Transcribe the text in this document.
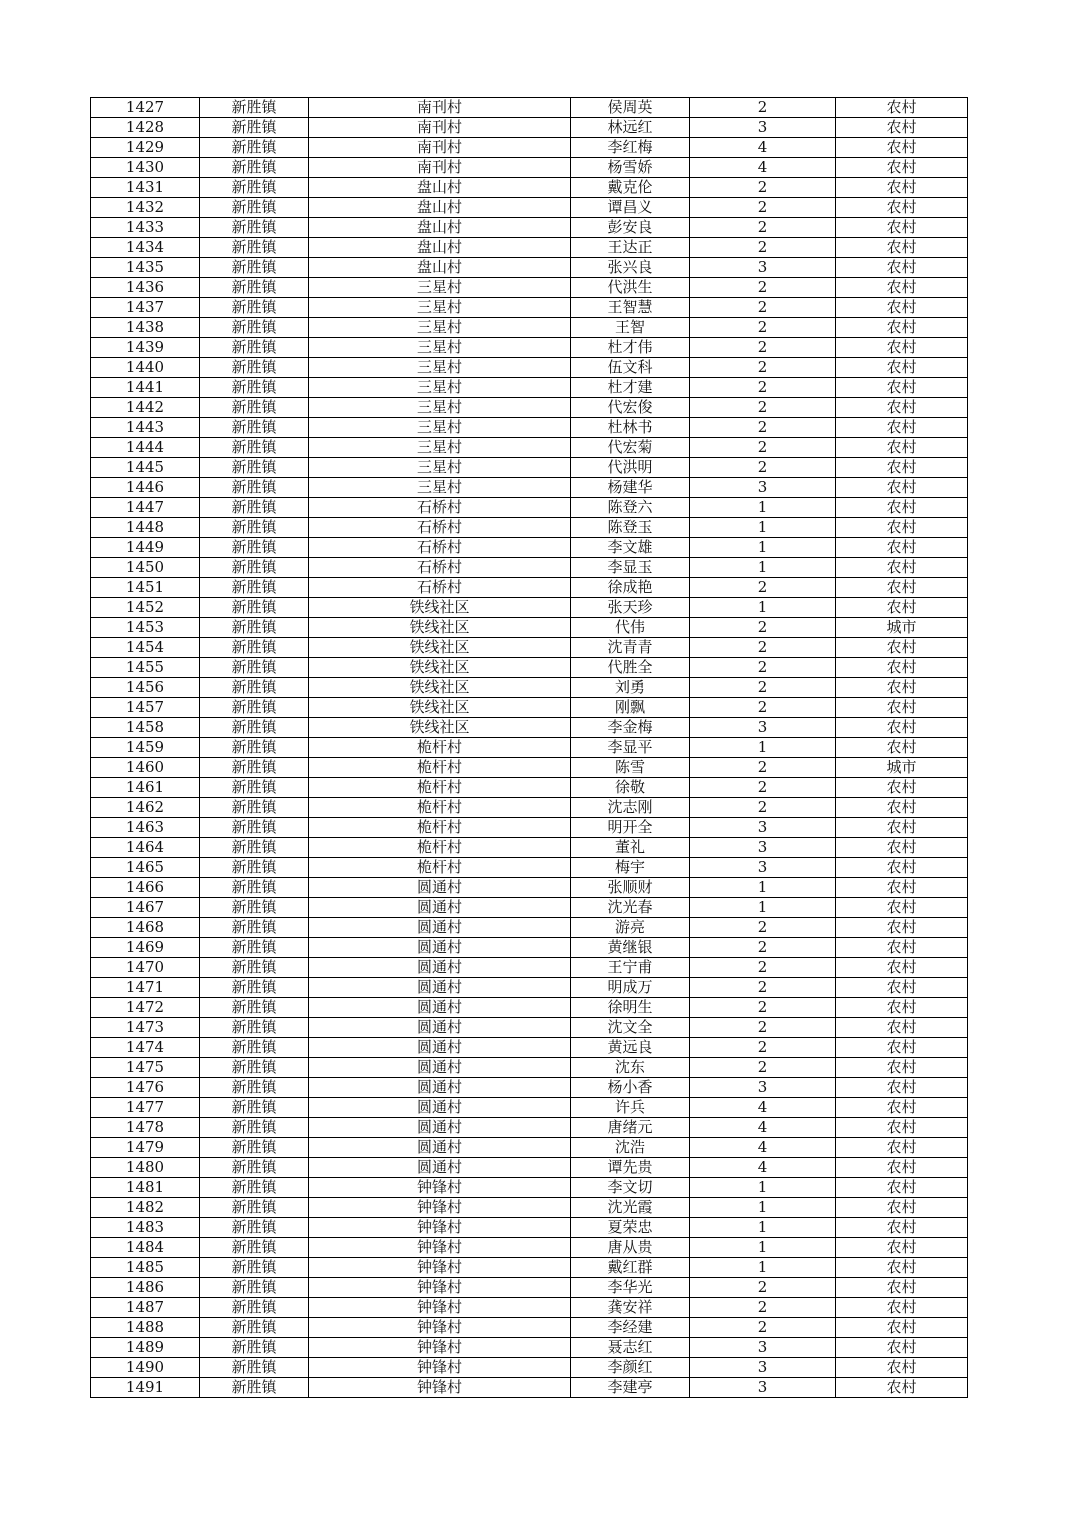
1427	新胜镇	南刊村	侯周英	2	农村
1428	新胜镇	南刊村	林远红	3	农村
1429	新胜镇	南刊村	李红梅	4	农村
1430	新胜镇	南刊村	杨雪娇	4	农村
1431	新胜镇	盘山村	戴克伦	2	农村
1432	新胜镇	盘山村	谭昌义	2	农村
1433	新胜镇	盘山村	彭安良	2	农村
1434	新胜镇	盘山村	王达正	2	农村
1435	新胜镇	盘山村	张兴良	3	农村
1436	新胜镇	三星村	代洪生	2	农村
1437	新胜镇	三星村	王智慧	2	农村
1438	新胜镇	三星村	王智	2	农村
1439	新胜镇	三星村	杜才伟	2	农村
1440	新胜镇	三星村	伍文科	2	农村
1441	新胜镇	三星村	杜才建	2	农村
1442	新胜镇	三星村	代宏俊	2	农村
1443	新胜镇	三星村	杜林书	2	农村
1444	新胜镇	三星村	代宏菊	2	农村
1445	新胜镇	三星村	代洪明	2	农村
1446	新胜镇	三星村	杨建华	3	农村
1447	新胜镇	石桥村	陈登六	1	农村
1448	新胜镇	石桥村	陈登玉	1	农村
1449	新胜镇	石桥村	李文雄	1	农村
1450	新胜镇	石桥村	李显玉	1	农村
1451	新胜镇	石桥村	徐成艳	2	农村
1452	新胜镇	铁线社区	张天珍	1	农村
1453	新胜镇	铁线社区	代伟	2	城市
1454	新胜镇	铁线社区	沈青青	2	农村
1455	新胜镇	铁线社区	代胜全	2	农村
1456	新胜镇	铁线社区	刘勇	2	农村
1457	新胜镇	铁线社区	刚飘	2	农村
1458	新胜镇	铁线社区	李金梅	3	农村
1459	新胜镇	桅杆村	李显平	1	农村
1460	新胜镇	桅杆村	陈雪	2	城市
1461	新胜镇	桅杆村	徐敬	2	农村
1462	新胜镇	桅杆村	沈志刚	2	农村
1463	新胜镇	桅杆村	明开全	3	农村
1464	新胜镇	桅杆村	董礼	3	农村
1465	新胜镇	桅杆村	梅宇	3	农村
1466	新胜镇	圆通村	张顺财	1	农村
1467	新胜镇	圆通村	沈光春	1	农村
1468	新胜镇	圆通村	游亮	2	农村
1469	新胜镇	圆通村	黄继银	2	农村
1470	新胜镇	圆通村	王宁甫	2	农村
1471	新胜镇	圆通村	明成万	2	农村
1472	新胜镇	圆通村	徐明生	2	农村
1473	新胜镇	圆通村	沈文全	2	农村
1474	新胜镇	圆通村	黄远良	2	农村
1475	新胜镇	圆通村	沈东	2	农村
1476	新胜镇	圆通村	杨小香	3	农村
1477	新胜镇	圆通村	许兵	4	农村
1478	新胜镇	圆通村	唐绪元	4	农村
1479	新胜镇	圆通村	沈浩	4	农村
1480	新胜镇	圆通村	谭先贵	4	农村
1481	新胜镇	钟锋村	李文切	1	农村
1482	新胜镇	钟锋村	沈光霞	1	农村
1483	新胜镇	钟锋村	夏荣忠	1	农村
1484	新胜镇	钟锋村	唐从贵	1	农村
1485	新胜镇	钟锋村	戴红群	1	农村
1486	新胜镇	钟锋村	李华光	2	农村
1487	新胜镇	钟锋村	龚安祥	2	农村
1488	新胜镇	钟锋村	李经建	2	农村
1489	新胜镇	钟锋村	聂志红	3	农村
1490	新胜镇	钟锋村	李颜红	3	农村
1491	新胜镇	钟锋村	李建亭	3	农村
